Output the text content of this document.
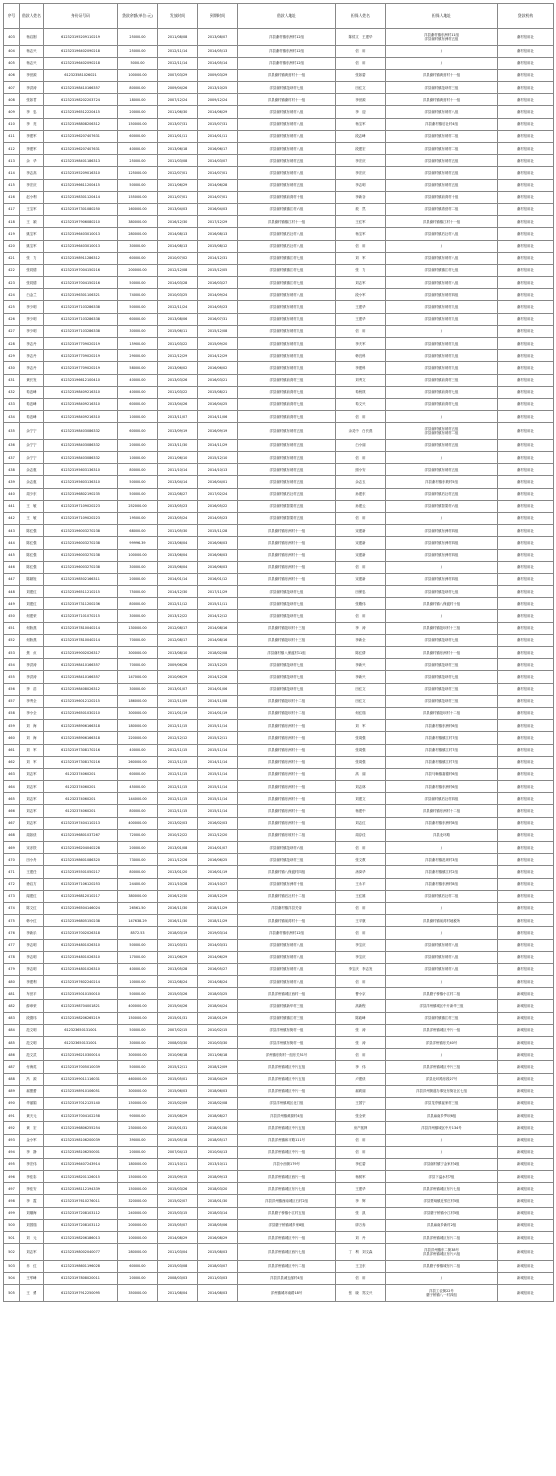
序号	借款人姓名	身份证号码	贷款余额(单位:元)	发放时间	到期时间	借款人地址	担保人姓名	担保人地址	贷款机构
403	杨启刚	612323195209110219	25000.00	2011/08/08	2013/08/07	洋县谢村镇东洲村12组	陈侯文　王建华	洋县谢村镇东洲村11组
洋县谢村镇东洲村五组	谢村信用社
404	杨志兴	612323196402090218	25000.00	2012/11/14	2014/05/13	洋县谢村镇东洲村12组	信　用	/	谢村信用社
405	杨志兴	612323196402090218	5000.00	2012/11/14	2014/05/14	洋县谢村镇东洲村12组	信　用	/	谢村信用社
406	李世源	612323581026021	100000.00	2007/03/29	2009/03/29	洋县谢村镇黄营村十一组	张如碧	洋县谢村镇黄营村十一组	谢村信用社
407	李洪涛	612323198410166357	80000.00	2009/04/26	2013/10/25	洋县谢村镇范坝村七组	田红文	洋县谢村镇范坝村三组	谢村信用社
408	张如君	612323198202203724	18000.00	2007/12/24	2009/12/24	洋县谢村镇谢村村十一组	李世源	洋县谢村镇黄营村十一组	谢村信用社
409	李　忠	612323196512220415	20000.00	2011/06/30	2014/06/29	洋县谢村镇东坡村八组	李　迎	洋县谢村镇东坡村八组	谢村信用社
410	李　亮	612323198808206312	150000.00	2013/07/31	2015/07/31	洋县谢村镇东坡村八组	杨宝军	洋县谢村镇后社村4组	谢村信用社
411	李建军	612323196207407631	60000.00	2011/01/11	2014/01/11	洋县谢村镇东坡村八组	段志峰	洋县谢村镇东坡村二组	谢村信用社
412	李建军	612323196207407631	40000.00	2013/06/18	2016/06/17	洋县谢村镇东坡村八组	段建宏	洋县谢村镇东坡村二组	谢村信用社
413	余　华	612323198401186313	25000.00	2011/03/08	2014/03/07	洋县谢村镇东坡村五组	李宏庆	洋县谢村镇东坡村五组	谢村信用社
414	李志高	612323195209016310	125000.00	2012/07/01	2014/07/01	洋县谢村镇东坡村八组	李宏庆	洋县谢村镇东坡村五组	谢村信用社
415	李宏庆	612323196611200415	50000.00	2011/06/29	2014/06/28	洋县谢村镇东坡村五组	李志明	洋县谢村镇东坡村五组	谢村信用社
416	赵小利	612323198301120414	155000.00	2011/07/01	2014/07/01	洋县谢村镇前湾村十组	李新谷	洋县谢村镇前湾村十组	谢村信用社
417	王宝军	612323197301080250	160000.00	2013/04/03	2016/04/03	洋县谢村镇镇江村六组	敖　然	洋县谢村镇湾营村二组	谢村信用社
418	王　颖	612323197906080210	380000.00	2016/12/30	2017/12/29	洋县谢村镇镇江村十一组	王红军	洋县谢村镇镇江村十一组	谢村信用社
419	姚宝军	612323196403010013	280000.00	2014/08/13	2016/08/13	洋县谢村镇后社村八组	杨宝军	洋县谢村镇后社村八组	谢村信用社
420	姚宝军	612323196403010013	30000.00	2014/08/13	2015/08/12	洋县谢村镇后社村八组	信　用	/	谢村信用社
421	张　力	612323198911286312	60000.00	2010/07/02	2014/12/31	洋县谢村镇镇江村七组	刘　军	洋县谢村镇东坡村八组	谢村信用社
422	张同德	612323197004150216	200000.00	2012/12/08	2015/12/05	洋县谢村镇镇江村七组	张　力	洋县谢村镇镇江村七组	谢村信用社
423	张同德	612323197004150216	50000.00	2014/03/28	2016/03/27	洋县谢村镇镇江村七组	刘志军	洋县谢村镇东坡村八组	谢村信用社
424	白金兰	612323196301106321	74000.00	2010/03/25	2014/09/24	洋县谢村镇东坡村八组	段小军	洋县谢村镇东坡村四组	谢村信用社
425	李少明	612323197103286338	50000.00	2012/11/24	2014/05/23	洋县谢村镇东坡村九组	王建华	洋县谢村镇东坡村九组	谢村信用社
426	李少明	612323197103286338	60000.00	2013/08/06	2016/07/31	洋县谢村镇东坡村九组	王建华	洋县谢村镇东坡村九组	谢村信用社
427	李少明	612323197103286338	30000.00	2015/06/11	2015/12/08	洋县谢村镇东坡村九组	信　用	/	谢村信用社
428	李志丹	612323197709020219	15900.00	2011/03/22	2015/09/20	洋县谢村镇东坡村九组	李夫军	洋县谢村镇东坡村九组	谢村信用社
429	李志丹	612323197709020219	29000.00	2012/12/29	2014/12/29	洋县谢村镇东坡村九组	韩宜科	洋县谢村镇东坡村九组	谢村信用社
430	李志丹	612323197709020219	58000.00	2013/06/02	2016/06/02	洋县谢村镇东坡村九组	李建科	洋县谢村镇东坡村九组	谢村信用社
431	黄长发	612323196612100410	40000.00	2013/03/26	2016/03/21	洋县谢村镇前湾村三组	刘秀文	洋县谢村镇前湾村三组	谢村信用社
432	荀忠峰	612323198409216310	40000.00	2011/03/22	2015/08/21	洋县谢村镇前湾村七组	荀秋筷	洋县谢村镇前湾村七组	谢村信用社
433	荀忠峰	612323198409216310	60000.00	2013/04/26	2016/04/25	洋县谢村镇前湾村七组	荀文兴	洋县谢村镇前湾村七组	谢村信用社
434	荀忠峰	612323198409216310	10000.00	2013/11/07	2014/11/06	洋县谢村镇前湾村七组	信　用	/	谢村信用社
435	余宁宁	612323198403086332	60000.00	2013/09/19	2016/09/19	洋县谢村镇东坡村五组	余灵中　白长燕	洋县谢村镇东坡村五组
洋县谢村镇东坡村二组	谢村信用社
436	余宁宁	612323198403086332	20000.00	2013/11/30	2014/11/29	洋县谢村镇东坡村五组	白小丽	洋县谢村镇东坡村五组	谢村信用社
437	余宁宁	612323198403086332	10000.00	2011/06/10	2015/12/10	洋县谢村镇东坡村五组	信　用	/	谢村信用社
438	余志惠	612323195603136310	80000.00	2011/10/14	2014/10/13	洋县谢村镇东坡村五组	照小安	洋县谢村镇东坡村五组	谢村信用社
439	余志惠	612323195603136310	50000.00	2013/04/14	2016/04/01	洋县谢村镇东坡村五组	余志玉	洋县谢村镇东坡村5组	谢村信用社
440	周少东	612323196802190235	50000.00	2012/08/27	2017/02/24	洋县谢村镇后社村五组	孙建东	洋县谢村镇后社村五组	谢村信用社
441	王　敏	612323197109020223	252000.00	2013/05/23	2016/05/22	洋县谢村镇智果村五组	孙建云	洋县谢村镇智果村六组	谢村信用社
442	王　敏	612323197109020223	19500.00	2013/05/24	2014/05/23	洋县谢村镇智果村五组	信　用	/	谢村信用社
443	陈红强	612323196003270238	68000.00	2011/05/30	2015/11/28	洋县谢村镇东洲村十一组	宋建新	洋县谢村镇东洲村四组	谢村信用社
444	陈红强	612323196003270238	99996.39	2013/06/04	2016/06/03	洋县谢村镇东洲村十一组	宋建新	洋县谢村镇东洲村四组	谢村信用社
445	陈红强	612323196003270238	100000.00	2013/06/04	2016/06/03	洋县谢村镇东洲村十一组	宋建新	洋县谢村镇东洲村四组	谢村信用社
446	陈红强	612323196003270238	30000.00	2015/06/04	2016/06/03	洋县谢村镇东洲村十一组	信　用	/	谢村信用社
447	陈颖姓	612323198502166311	20000.00	2014/01/14	2016/01/12	洋县谢村镇东洲村十一组	宋建新	洋县谢村镇东洲村四组	谢村信用社
448	刘建红	612323196511210215	75000.00	2014/12/30	2017/11/29	洋县谢村镇范坝村七组	田保忠	洋县谢村镇范坝村七组	谢村信用社
449	刘建红	612323197311200236	80000.00	2012/11/12	2015/11/11	洋县谢村镇范坝村七组	张殿伟	洋县谢村镇八保渡村十组	谢村信用社
450	何建荣	612323197101070215	30000.00	2013/12/22	2014/12/12	洋县谢村镇范坝村七组	信　用	/	谢村信用社
451	何娇燕	612323197810040214	130000.00	2012/08/17	2014/08/16	洋县谢村镇范坝村十三组	李　涛	洋县谢村镇范坝村十三组	谢村信用社
452	何娇燕	612323197810040214	70000.00	2012/08/17	2014/08/16	洋县谢村镇范坝村十三组	李新全	洋县谢村镇范坝村七组	谢村信用社
453	焦　贞	612323199002026317	300000.00	2013/08/10	2018/02/08	洋县谢村镇八保渡村11组	陈红倩	洋县谢村镇东洲村十一组	谢村信用社
454	李洪涛	612323198410166357	70000.00	2009/06/26	2013/12/25	洋县谢村镇范坝村七组	李新兴	洋县谢村镇范坝村三组	谢村信用社
455	李洪涛	612323198410166357	147000.00	2010/06/29	2014/12/28	洋县谢村镇范坝村七组	李新兴	洋县谢村镇范坝村七组	谢村信用社
456	李　浩	612323198408026312	30000.00	2013/01/07	2014/01/06	洋县谢村镇范坝村七组	田红文	洋县谢村镇范坝村三组	谢村信用社
457	李秀全	612323196012120215	186000.00	2012/11/09	2014/11/08	洋县谢村镇范坝村十二组	田红文	洋县谢村镇范坝村三组	谢村信用社
458	李小全	612323196501030210	300000.00	2011/01/19	2014/01/19	洋县谢村镇范坝村十二组	何红瑞	洋县谢村镇范坝村十二组	谢村信用社
459	刘　海	612323198906166318	180000.00	2012/11/15	2015/11/14	洋县谢村镇东洲村十一组	刘　军	洋县谢村镇东洲村6组	谢村信用社
460	刘　海	612323198906166318	220000.00	2012/12/12	2015/12/11	洋县谢村镇东洲村十一组	张周强	洋县谢村镇镇江村7组	谢村信用社
461	刘　军	612323197308170216	40000.00	2012/11/15	2015/11/14	洋县谢村镇东洲村十一组	张周强	洋县谢村镇镇江村7组	谢村信用社
462	刘　军	612323197308170216	260000.00	2012/11/15	2014/11/14	洋县谢村镇东洲村十一组	张周强	洋县谢村镇镇江村7组	谢村信用社
463	刘志军	61232374060201	60000.00	2012/11/15	2015/11/14	洋县谢村镇东洲村十一组	高　丽	洋县马畅镇嘉德村6组	谢村信用社
464	刘志军	61232374060201	45000.00	2012/11/15	2015/11/14	洋县谢村镇东洲村十一组	刘志林	洋县谢村镇东洲村6组	谢村信用社
465	刘志军	61232374060201	144000.00	2012/11/15	2015/11/14	洋县谢村镇东洲村十一组	刘建文	洋县谢村镇后社村四组	谢村信用社
466	刘志军	61232374060201	80000.00	2012/11/15	2015/11/14	洋县谢村镇东洲村十一组	杨建中	洋县谢村镇东洲村十二组	谢村信用社
467	刘志军	612323197404110213	400000.00	2013/02/03	2016/02/03	洋县谢村镇东洲村十一组	刘志红	洋县谢村镇东洲村8组	谢村信用社
468	周如侠	612323196801037267	72000.00	2010/12/22	2012/12/20	洋县谢村镇东坡村十二组	周存佳	洋县北环路	谢村信用社
469	宋亦铁	612323196204040228	20000.00	2013/01/08	2014/01/07	洋县谢村镇范坝村六组	信　用	/	谢村信用社
470	田小舟	612323198601086320	73000.00	2011/12/26	2016/06/25	洋县谢村镇范坝村三组	张文教	洋县谢村镇范坝村3组	谢村信用社
471	王建任	612323195501050217	80000.00	2013/01/20	2016/01/19	洋县谢村镇八保渡村四组	汤岗华	洋县谢村镇镇江村2组	谢村信用社
472	徐启方	612323197106120253	24400.00	2011/10/28	2014/10/27	洋县谢村镇东洲村十组	王永平	洋县谢村镇东洲村8组	谢村信用社
473	闻建红	612323196812010217	380000.00	2016/12/30	2018/12/29	洋县谢村镇后社村十二组	王红雄	洋县谢村镇后社村二组	谢村信用社
474	陈文红	612323196504146024	26561.50	2016/11/30	2018/11/29	洋县谢村镇洋县关帝	信　用	/	谢村信用社
475	韩小红	612323196805150238	147638.29	2016/11/30	2018/11/29	洋县谢村镇前湾村十一组	王平康	洋县谢村镇前湾村地税所	谢村信用社
476	李新乐	612323197002026318	8572.53	2018/03/19	2019/03/14	洋县谢村镇东洲村12组	信　用	/	谢村信用社
477	李志明	612323194801026310	50000.00	2011/03/31	2014/03/31	洋县谢村镇东坡村八组	李宝庆	洋县谢村镇东坡村八组	谢村信用社
478	李志明	612323194801026310	17000.00	2011/06/29	2014/06/29	洋县谢村镇东坡村八组	李宝庆	洋县谢村镇东坡村八组	谢村信用社
479	李志明	612323194801026310	40000.00	2013/05/28	2016/05/27	洋县谢村镇东坡村八组	李宝庆　李志发	洋县谢村镇东坡村八组	谢村信用社
480	李建利	612323197602240214	10000.00	2012/08/24	2014/08/24	洋县谢村镇东坡村八组	信　用	/	谢村信用社
481	车世平	612323195010150010	50000.00	2015/03/26	2018/03/25	洋县洋州镇城区西村一组	曹小京	洋县磨子桥镇小江村二组	新城信用社
482	薛章荣	612323198704001821	400000.00	2015/04/26	2018/04/24	洋县谢村镇新华村三组	高新程	洋县洋州镇城区中片新华三组	新城信用社
483	段德玮	612323198206265219	150000.00	2015/01/31	2018/01/29	洋县谢村镇镇江村三组	陈政峰	洋县谢村镇镇江村三组	新城信用社
484	范文明	612323650131001	50000.00	2007/02/15	2010/02/15	洋县洋州镇东街村一组	张　涛	洋县洋州镇城区中片一组	新城信用社
485	范文明	612323650131001	30000.00	2008/03/30	2010/03/30	洋县洋州镇东街村一组	张　涛	洋县洋州镇东关40号	新城信用社
486	范文武	612323196210300014	300000.00	2010/06/18	2011/06/18	洋州镇东街村一组东关51号	信　用	/	新城信用社
487	付海英	612323197005010039	50000.00	2015/12/11	2018/12/09	洋县洋州镇城区中片五组	李　伟	洋县洋州镇城区中片三组	新城信用社
488	冯　源	612323199011116031	460000.00	2015/05/01	2018/04/29	洋县洋州镇城区中片五组	卢建侠	洋县北环路东段27号	新城信用社
489	郝蕾蕾	612323198910106051	300000.00	2015/06/03	2018/06/03	洋县洋州镇城区中片一组	郝莉丽	洋县洋州街道办事处东街社区七组	新城信用社
490	华丽娟	612323197012125140	150000.00	2015/02/09	2018/02/08	洋县洋州镇城区北门组	王国宁	洋县龙亭镇崔家村三组	新城信用社
491	黄天元	612323197004102258	90000.00	2015/08/29	2018/08/27	洋县洋州镇黄源村4组	张全荣	洋县扇南乡罗坝6组	新城信用社
492	黄　宏	612323196806255254	230000.00	2015/01/31	2018/01/30	洋县洋州镇城区中片五组	房产抵押	洋县洋州镇城区中片134号	新城信用社
493	金小军	612323198106200039	39000.00	2015/05/18	2018/05/17	洋县洋州镇和平路111号	信　用	/	新城信用社
494	李　静	612323198106250001	20000.00	2007/04/13	2010/04/13	洋县洋州镇城区中片一组	信　用	/	新城信用社
495	李宏伟	612323196407243914	180000.00	2011/10/11	2013/10/11	洋县小西街179号	李红碧	洋县谢村镇宁金家村4组	新城信用社
496	李佳彩	612323198201126015	150000.00	2015/09/15	2018/09/13	洋县洋州镇城区西片一组	杨树军	洋县下溢水村7组	新城信用社
497	李佳安	612323198112194339	150000.00	2015/03/26	2018/03/20	洋县洋州镇城区东片七组	王建华	洋县洋州镇城区东片七组	新城信用社
498	李　霞	612323197610276011	320000.00	2015/02/07	2018/01/30	洋县洋州镇西南城区石村2组	李　辉	洋县贾域镇近邻庄村5组	新城信用社
499	刘顺海	612323197208103112	240000.00	2015/03/15	2018/03/14	洋县磨子桥镇小江村五组	张　凯	洋县磨子桥镇小江村5组	新城信用社
500	刘园瑞	612323197208103112	200000.00	2015/05/07	2018/05/06	洋县磨子桥镇城乡家8组	廖万寿	洋县扇南乡新村2组	新城信用社
501	刘　元	612323198206186013	100000.00	2014/08/29	2016/08/29	洋县洋州镇城区中片一组	刘　丹	洋县洋州镇城区东片二组	新城信用社
502	刘志军	612323198002040077	280000.00	2011/03/04	2015/08/03	洋县洋州镇城区西片七组	丁　利　刘文森	洋县洋州镇东二街38号
洋县洋州镇城区东片六组	新城信用社
503	乔　红	612323198601196028	60000.00	2015/03/08	2018/03/07	洋县洋州镇城区中片二组	王卫东	洋县磨子桥镇城东片二组	新城信用社
504	王军峰	612323197808020011	20000.00	2008/03/03	2011/03/03	洋县洋县诚五邮村4组	信　用	/	新城信用社
505	王　勇	612323197912250095	350000.00	2011/08/04	2014/08/03	洋州镇城环南路18号	张　晓　郑文兴	洋县工农街22号
磨子桥镇八一村四组	新城信用社
